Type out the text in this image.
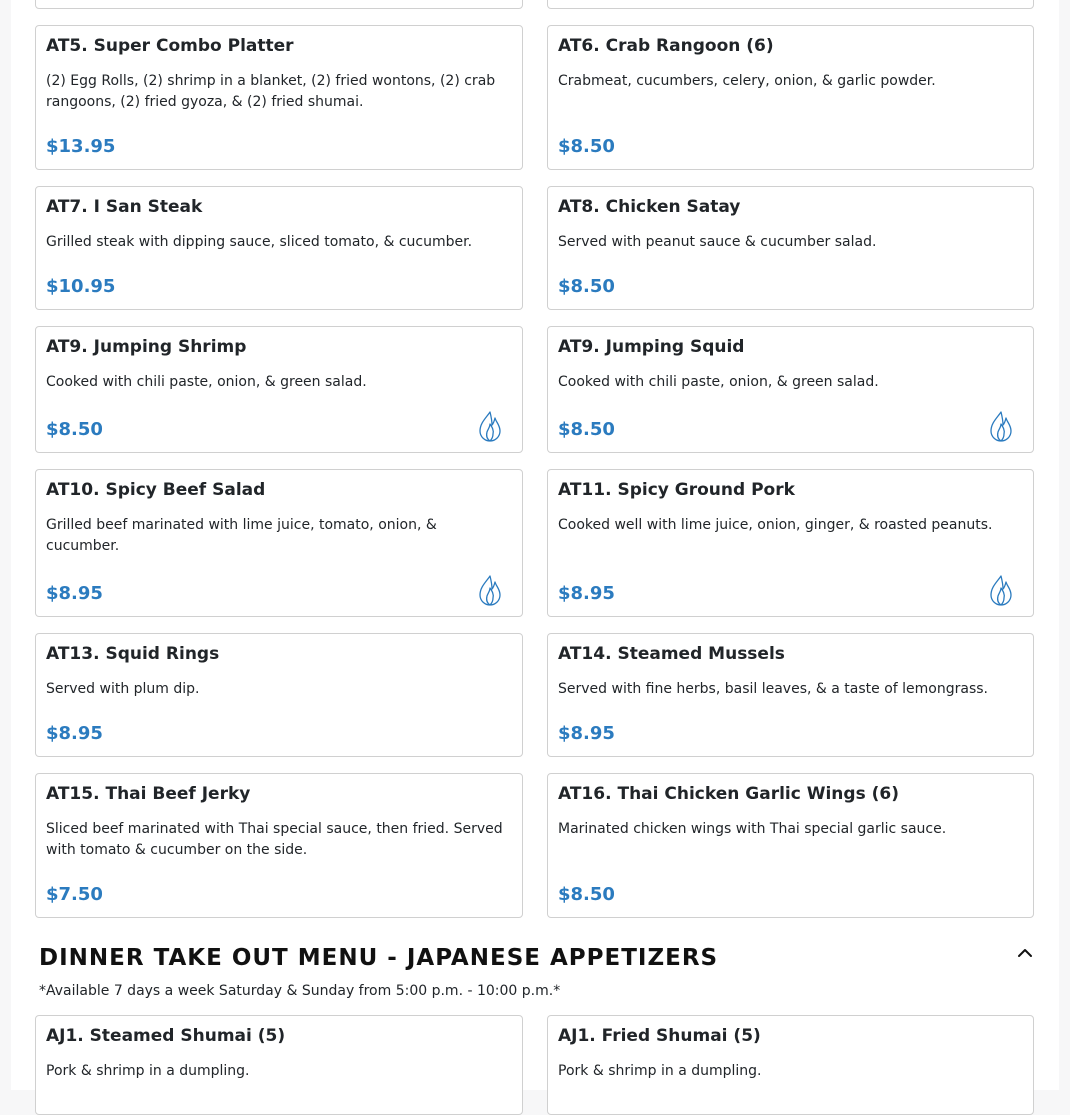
AT5. Super Combo Platter
(2) Egg Rolls, (2) shrimp in a blanket, (2) fried wontons, (2) crab rangoons, (2) fried gyoza, & (2) fried shumai.
$13.95
AT6. Crab Rangoon (6)
Crabmeat, cucumbers, celery, onion, & garlic powder.
$8.50
AT7. I San Steak
Grilled steak with dipping sauce, sliced tomato, & cucumber.
$10.95
AT8. Chicken Satay
Served with peanut sauce & cucumber salad.
$8.50
AT9. Jumping Shrimp
Cooked with chili paste, onion, & green salad.
$8.50
AT9. Jumping Squid
Cooked with chili paste, onion, & green salad.
$8.50
AT10. Spicy Beef Salad
Grilled beef marinated with lime juice, tomato, onion, & cucumber.
$8.95
AT11. Spicy Ground Pork
Cooked well with lime juice, onion, ginger, & roasted peanuts.
$8.95
AT13. Squid Rings
Served with plum dip.
$8.95
AT14. Steamed Mussels
Served with fine herbs, basil leaves, & a taste of lemongrass.
$8.95
AT15. Thai Beef Jerky
Sliced beef marinated with Thai special sauce, then fried. Served with tomato & cucumber on the side.
$7.50
AT16. Thai Chicken Garlic Wings (6)
Marinated chicken wings with Thai special garlic sauce.
$8.50
DINNER TAKE OUT MENU - JAPANESE APPETIZERS
*Available 7 days a week Saturday & Sunday from 5:00 p.m. - 10:00 p.m.*
AJ1. Steamed Shumai (5)
Pork & shrimp in a dumpling.
AJ1. Fried Shumai (5)
Pork & shrimp in a dumpling.
